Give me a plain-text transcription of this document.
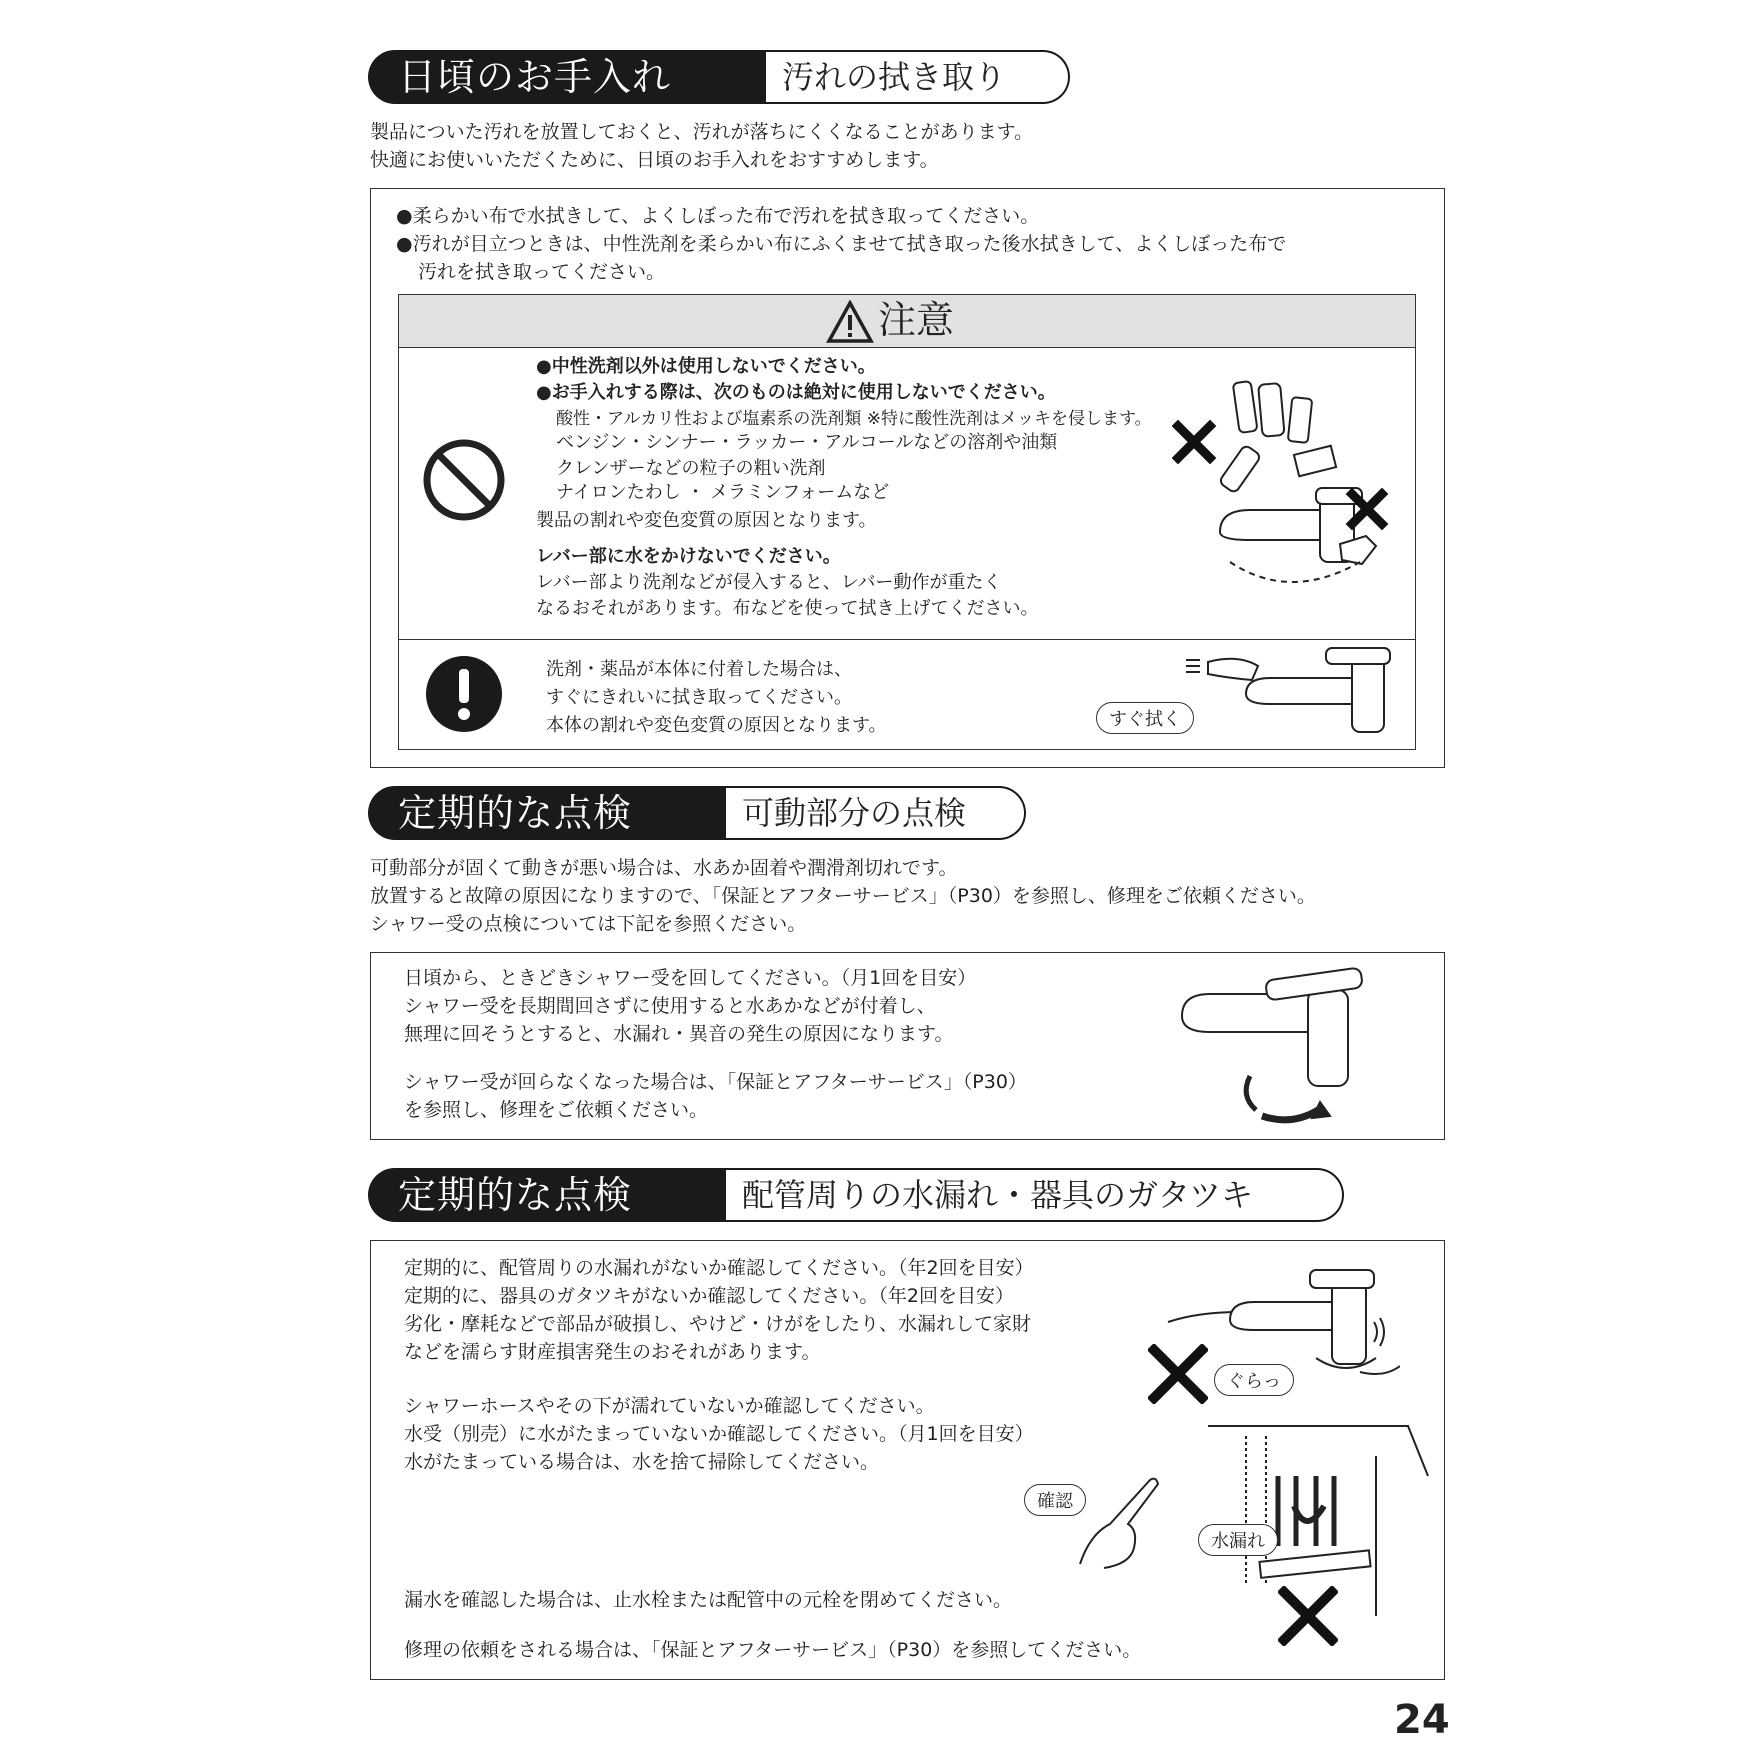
日頃のお手入れ	汚れの拭き取り
製品についた汚れを放置しておくと、汚れが落ちにくくなることがあります。
快適にお使いいただくために、日頃のお手入れをおすすめします。
●柔らかい布で水拭きして、よくしぼった布で汚れを拭き取ってください。
●汚れが目立つときは、中性洗剤を柔らかい布にふくませて拭き取った後水拭きして、よくしぼった布で
汚れを拭き取ってください。
注意
●中性洗剤以外は使用しないでください。
●お手入れする際は、次のものは絶対に使用しないでください。
酸性・アルカリ性および塩素系の洗剤類 ※特に酸性洗剤はメッキを侵します。
ベンジン・シンナー・ラッカー・アルコールなどの溶剤や油類
クレンザーなどの粒子の粗い洗剤
ナイロンたわし ・ メラミンフォームなど
製品の割れや変色変質の原因となります。
レバー部に水をかけないでください。
レバー部より洗剤などが侵入すると、レバー動作が重たく
なるおそれがあります。布などを使って拭き上げてください。
洗剤・薬品が本体に付着した場合は、
すぐにきれいに拭き取ってください。
本体の割れや変色変質の原因となります。	すぐ拭く
定期的な点検	可動部分の点検
可動部分が固くて動きが悪い場合は、水あか固着や潤滑剤切れです。
放置すると故障の原因になりますので、「保証とアフターサービス」（P30）を参照し、修理をご依頼ください。
シャワー受の点検については下記を参照ください。
日頃から、ときどきシャワー受を回してください。（月1回を目安）
シャワー受を長期間回さずに使用すると水あかなどが付着し、
無理に回そうとすると、水漏れ・異音の発生の原因になります。
シャワー受が回らなくなった場合は、「保証とアフターサービス」（P30）
を参照し、修理をご依頼ください。
定期的な点検	配管周りの水漏れ・器具のガタツキ
定期的に、配管周りの水漏れがないか確認してください。（年2回を目安）
定期的に、器具のガタツキがないか確認してください。（年2回を目安）
劣化・摩耗などで部品が破損し、やけど・けがをしたり、水漏れして家財
などを濡らす財産損害発生のおそれがあります。
シャワーホースやその下が濡れていないか確認してください。
水受（別売）に水がたまっていないか確認してください。（月1回を目安）
水がたまっている場合は、水を捨て掃除してください。
漏水を確認した場合は、止水栓または配管中の元栓を閉めてください。
修理の依頼をされる場合は、「保証とアフターサービス」（P30）を参照してください。
ぐらっ
確認
水漏れ
24
